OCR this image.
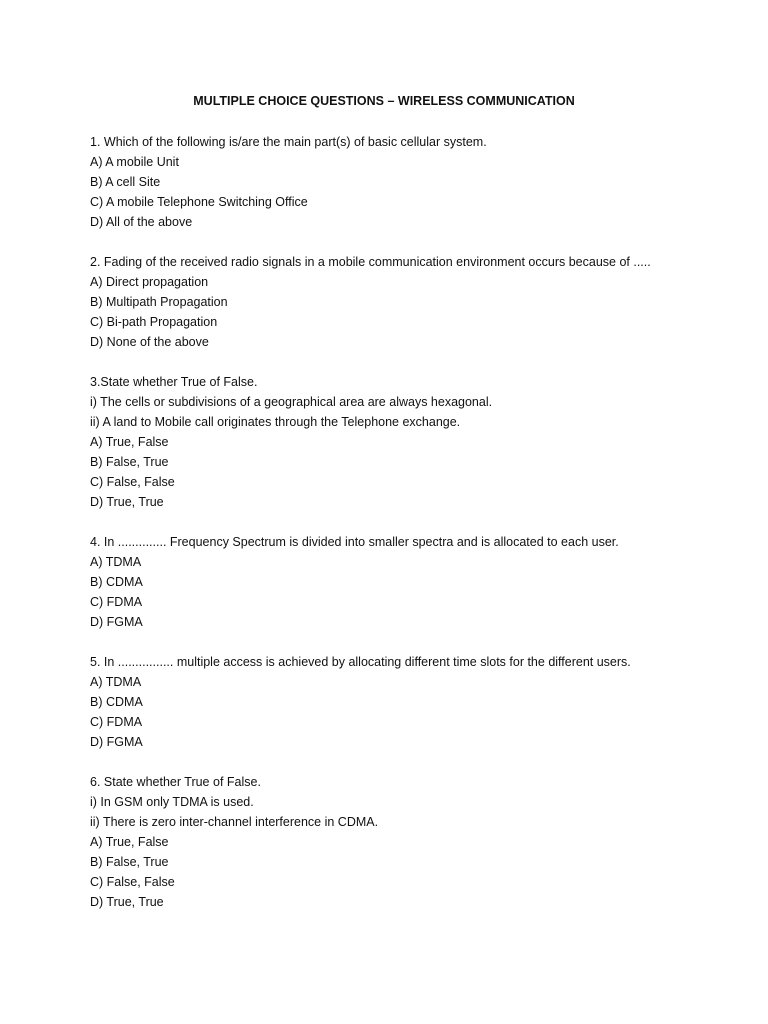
MULTIPLE CHOICE QUESTIONS – WIRELESS COMMUNICATION
1. Which of the following is/are the main part(s) of basic cellular system.
A) A mobile Unit
B) A cell Site
C) A mobile Telephone Switching Office
D) All of the above
2. Fading of the received radio signals in a mobile communication environment occurs because of .....
A) Direct propagation
B) Multipath Propagation
C) Bi-path Propagation
D) None of the above
3.State whether True of False.
i) The cells or subdivisions of a geographical area are always hexagonal.
ii) A land to Mobile call originates through the Telephone exchange.
A) True, False
B) False, True
C) False, False
D) True, True
4. In .............. Frequency Spectrum is divided into smaller spectra and is allocated to each user.
A) TDMA
B) CDMA
C) FDMA
D) FGMA
5. In ................ multiple access is achieved by allocating different time slots for the different users.
A) TDMA
B) CDMA
C) FDMA
D) FGMA
6. State whether True of False.
i) In GSM only TDMA is used.
ii) There is zero inter-channel interference in CDMA.
A) True, False
B) False, True
C) False, False
D) True, True
